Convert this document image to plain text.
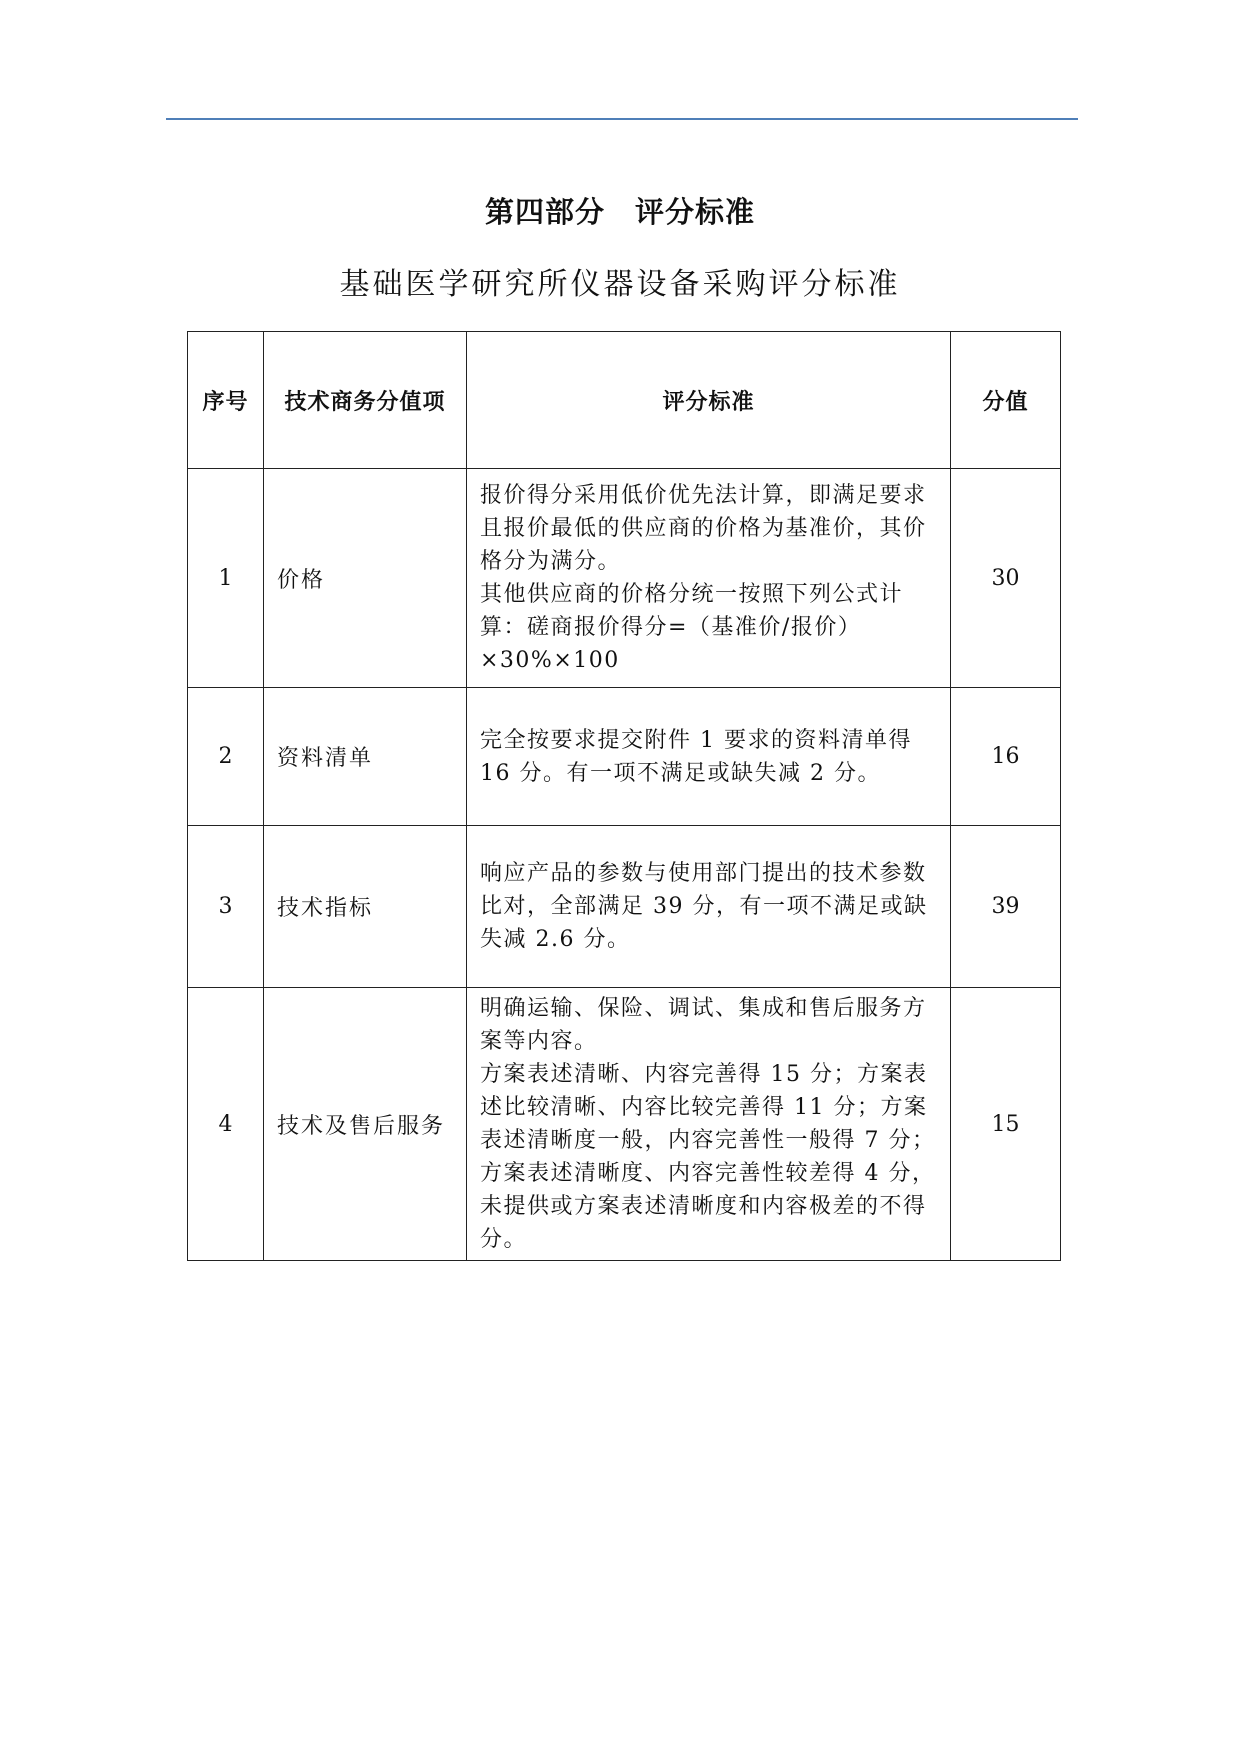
第四部分　评分标准
基础医学研究所仪器设备采购评分标准
序号	技术商务分值项	评分标准	分值
1	价格	报价得分采用低价优先法计算，即满足要求且报价最低的供应商的价格为基准价，其价格分为满分。
其他供应商的价格分统一按照下列公式计算：磋商报价得分=（基准价/报价）×30%×100	30
2	资料清单	完全按要求提交附件 1 要求的资料清单得 16 分。有一项不满足或缺失减 2 分。	16
3	技术指标	响应产品的参数与使用部门提出的技术参数比对，全部满足 39 分，有一项不满足或缺失减 2.6 分。	39
4	技术及售后服务	明确运输、保险、调试、集成和售后服务方案等内容。
方案表述清晰、内容完善得 15 分；方案表述比较清晰、内容比较完善得 11 分；方案表述清晰度一般，内容完善性一般得 7 分；方案表述清晰度、内容完善性较差得 4 分，未提供或方案表述清晰度和内容极差的不得分。	15
